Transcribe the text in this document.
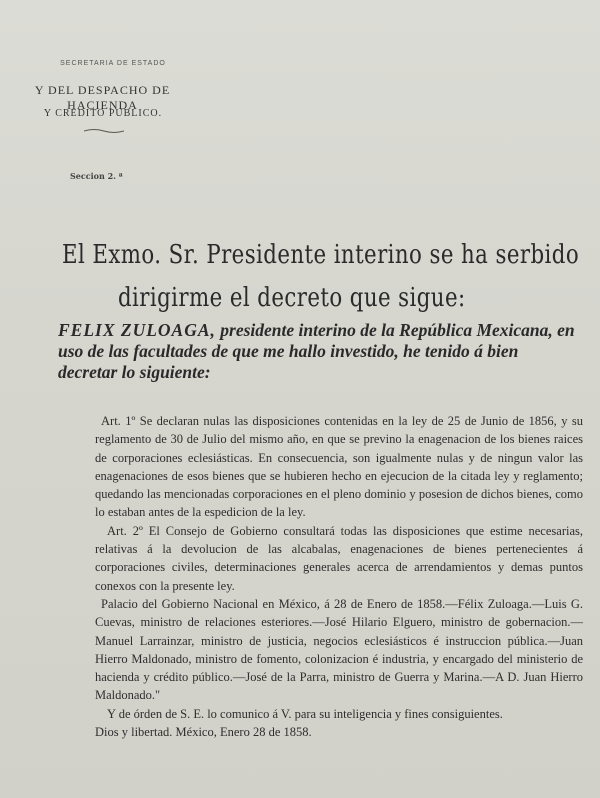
SECRETARIA DE ESTADO
Y DEL DESPACHO DE HACIENDA
Y CREDITO PUBLICO.
Seccion 2. ª
El Exmo. Sr. Presidente interino se ha serbido
dirigirme el decreto que sigue:
FELIX ZULOAGA, presidente interino de la República Mexicana, en uso de las facultades de que me hallo investido, he tenido á bien decretar lo siguiente:

Art. 1º Se declaran nulas las disposiciones contenidas en la ley de 25 de Junio de 1856, y su reglamento de 30 de Julio del mismo año, en que se previno la enagenacion de los bienes raices de corporaciones eclesiásticas. En consecuencia, son igualmente nulas y de ningun valor las enagenaciones de esos bienes que se hubieren hecho en ejecucion de la citada ley y reglamento; quedando las mencionadas corporaciones en el pleno dominio y posesion de dichos bienes, como lo estaban antes de la espedicion de la ley.

Art. 2º El Consejo de Gobierno consultará todas las disposiciones que estime necesarias, relativas á la devolucion de las alcabalas, enagenaciones de bienes pertenecientes á corporaciones civiles, determinaciones generales acerca de arrendamientos y demas puntos conexos con la presente ley.

Palacio del Gobierno Nacional en México, á 28 de Enero de 1858.—Félix Zuloaga.—Luis G. Cuevas, ministro de relaciones esteriores.—José Hilario Elguero, ministro de gobernacion.—Manuel Larrainzar, ministro de justicia, negocios eclesiásticos é instruccion pública.—Juan Hierro Maldonado, ministro de fomento, colonizacion é industria, y encargado del ministerio de hacienda y crédito público.—José de la Parra, ministro de Guerra y Marina.—A D. Juan Hierro Maldonado."

Y de órden de S. E. lo comunico á V. para su inteligencia y fines consiguientes.

Dios y libertad. México, Enero 28 de 1858.
